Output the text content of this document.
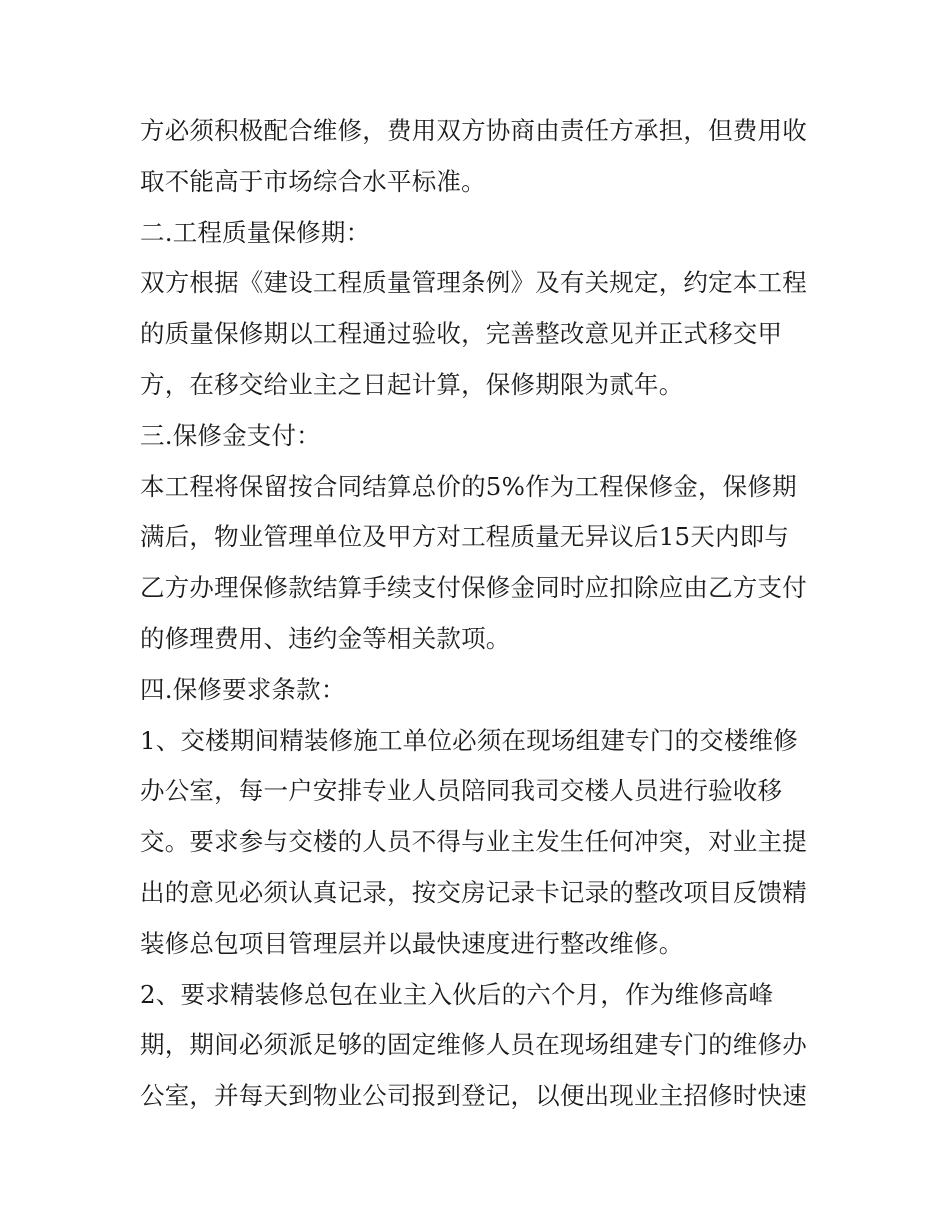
方必须积极配合维修，费用双方协商由责任方承担，但费用收
取不能高于市场综合水平标准。
二.工程质量保修期：
双方根据《建设工程质量管理条例》及有关规定，约定本工程
的质量保修期以工程通过验收，完善整改意见并正式移交甲
方，在移交给业主之日起计算，保修期限为贰年。
三.保修金支付：
本工程将保留按合同结算总价的5%作为工程保修金，保修期
满后，物业管理单位及甲方对工程质量无异议后15天内即与
乙方办理保修款结算手续支付保修金同时应扣除应由乙方支付
的修理费用、违约金等相关款项。
四.保修要求条款：
1、交楼期间精装修施工单位必须在现场组建专门的交楼维修
办公室，每一户安排专业人员陪同我司交楼人员进行验收移
交。要求参与交楼的人员不得与业主发生任何冲突，对业主提
出的意见必须认真记录，按交房记录卡记录的整改项目反馈精
装修总包项目管理层并以最快速度进行整改维修。
2、要求精装修总包在业主入伙后的六个月，作为维修高峰
期，期间必须派足够的固定维修人员在现场组建专门的维修办
公室，并每天到物业公司报到登记，以便出现业主招修时快速
